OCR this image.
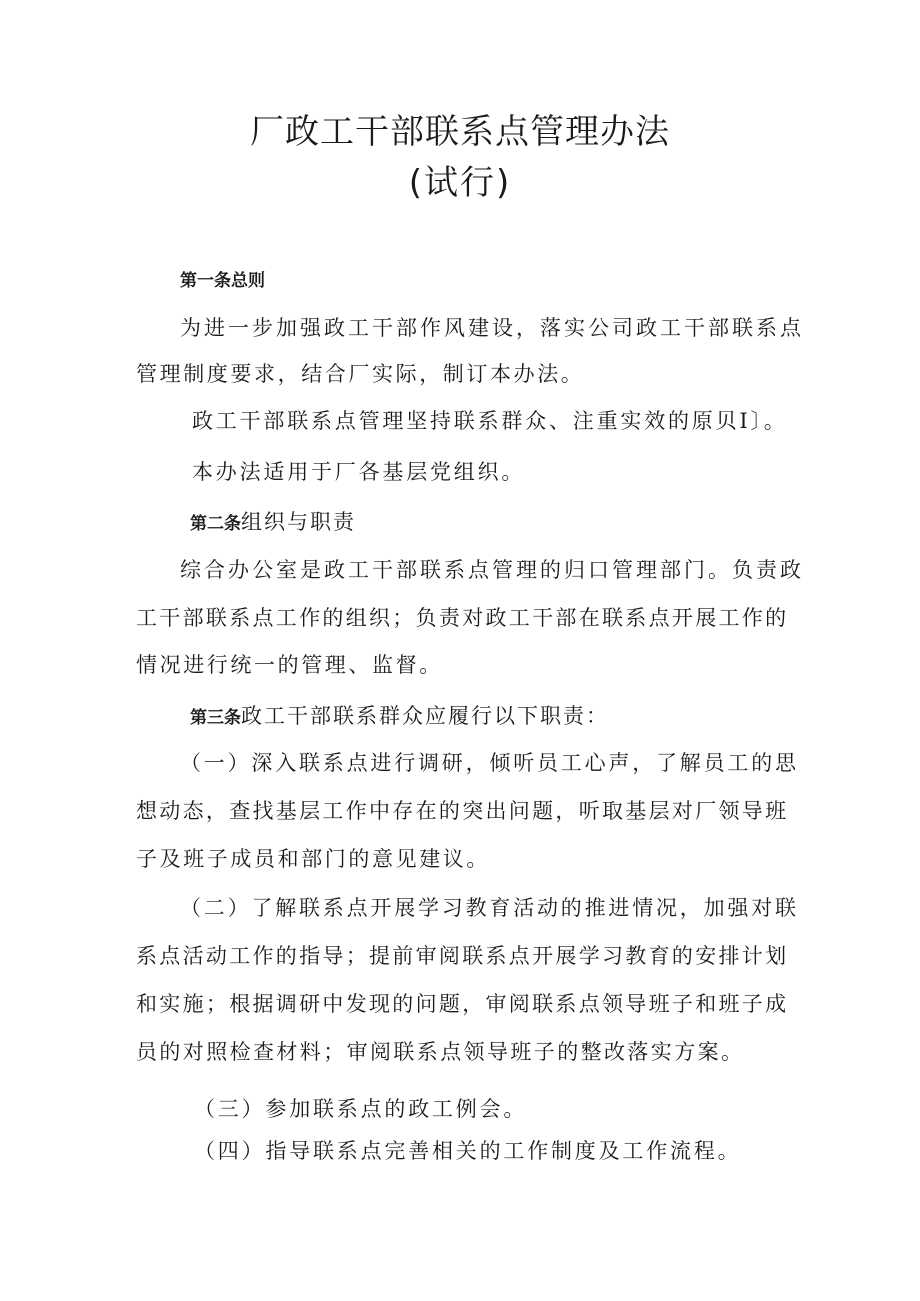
厂政工干部联系点管理办法
(试行)

第一条总则

为进一步加强政工干部作风建设，落实公司政工干部联系点

管理制度要求，结合厂实际，制订本办法。

政工干部联系点管理坚持联系群众、注重实效的原贝I〕。

本办法适用于厂各基层党组织。

第二条组织与职责

综合办公室是政工干部联系点管理的归口管理部门。负责政

工干部联系点工作的组织；负责对政工干部在联系点开展工作的

情况进行统一的管理、监督。

第三条政工干部联系群众应履行以下职责：

（一）深入联系点进行调研，倾听员工心声，了解员工的思

想动态，查找基层工作中存在的突出问题，听取基层对厂领导班

子及班子成员和部门的意见建议。

（二）了解联系点开展学习教育活动的推进情况，加强对联

系点活动工作的指导；提前审阅联系点开展学习教育的安排计划

和实施；根据调研中发现的问题，审阅联系点领导班子和班子成

员的对照检查材料；审阅联系点领导班子的整改落实方案。

（三）参加联系点的政工例会。

（四）指导联系点完善相关的工作制度及工作流程。
